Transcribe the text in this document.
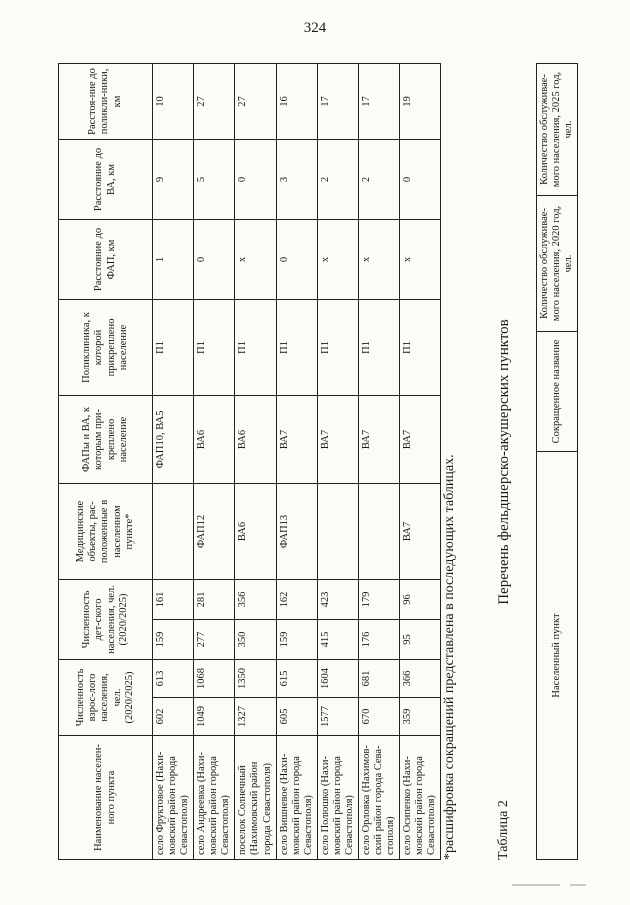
324
Наименование населен-ного пункта	Численность взрос-лого населения, чел. (2020/2025)		Численность дет-ского населения, чел. (2020/2025)		Медицинские объекты, рас-положенные в населенном пункте*	ФАПы и ВА, к которым при-креплено население	Поликлиника, к которой прикреплено население	Расстояние до ФАП, км	Расстояние до ВА, км	Расстоя-ние до поликли-ники, км
село Фруктовое (Нахи-мовский район города Севастополя)	602	613	159	161		ФАП10, ВА5	П1	1	9	10
село Андреевка (Нахи-мовский район города Севастополя)	1049	1068	277	281	ФАП12	ВА6	П1	0	5	27
поселок Солнечный (Нахимовский район города Севастополя)	1327	1350	350	356	ВА6	ВА6	П1	х	0	27
село Вишневое (Нахи-мовский район города Севастополя)	605	615	159	162	ФАП13	ВА7	П1	0	3	16
село Полюшко (Нахи-мовский район города Севастополя)	1577	1604	415	423		ВА7	П1	х	2	17
село Орловка (Нахимов-ский район города Сева-стополя)	670	681	176	179		ВА7	П1	х	2	17
село Осипенко (Нахи-мовский район города Севастополя)	359	366	95	96	ВА7	ВА7	П1	х	0	19
*расшифровка сокращений представлена в последующих таблицах.	Таблица 2
Перечень фельдшерско-акушерских пунктов
Населенный пункт	Сокращенное название	Количество обслуживае-мого населения, 2020 год, чел.	Количество обслуживае-мого населения, 2025 год, чел.
